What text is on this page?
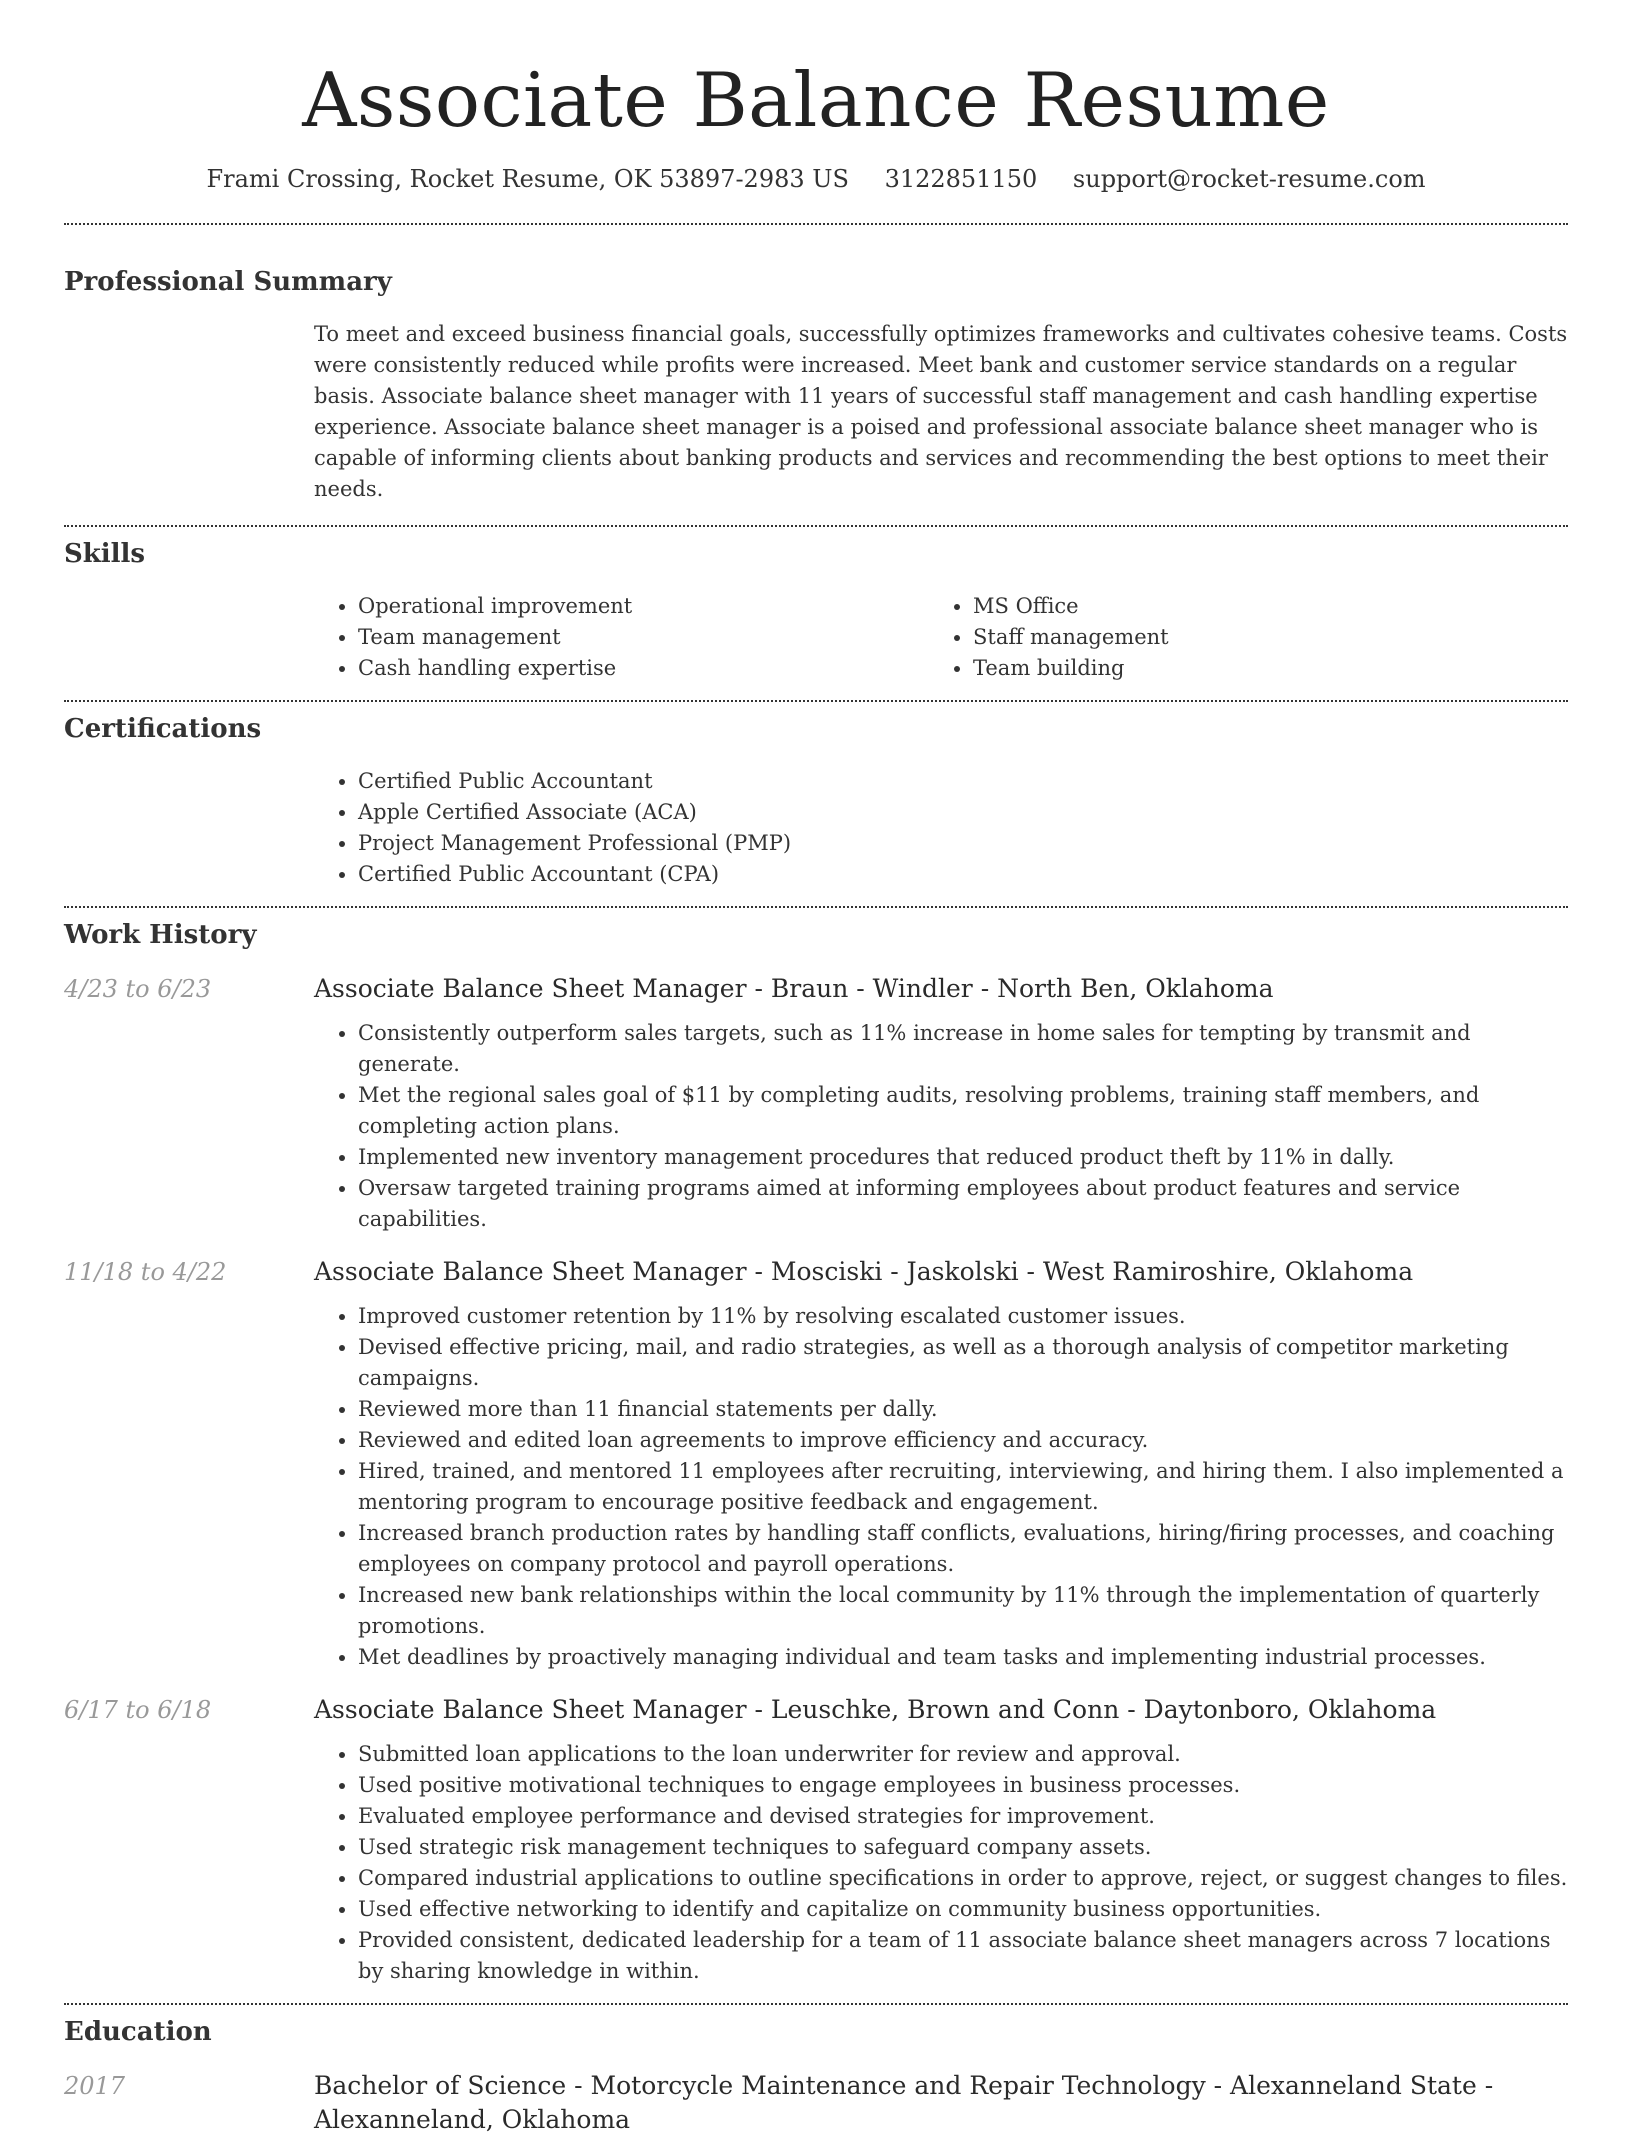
Associate Balance Resume
Frami Crossing, Rocket Resume, OK 53897-2983 US 3122851150 support@rocket-resume.com
Professional Summary
To meet and exceed business financial goals, successfully optimizes frameworks and cultivates cohesive teams. Costs were consistently reduced while profits were increased. Meet bank and customer service standards on a regular basis. Associate balance sheet manager with 11 years of successful staff management and cash handling expertise experience. Associate balance sheet manager is a poised and professional associate balance sheet manager who is capable of informing clients about banking products and services and recommending the best options to meet their needs.
Skills
• Operational improvement
• Team management
• Cash handling expertise
• MS Office
• Staff management
• Team building
Certifications
• Certified Public Accountant
• Apple Certified Associate (ACA)
• Project Management Professional (PMP)
• Certified Public Accountant (CPA)
Work History
4/23 to 6/23	Associate Balance Sheet Manager - Braun - Windler - North Ben, Oklahoma
• Consistently outperform sales targets, such as 11% increase in home sales for tempting by transmit and generate.
• Met the regional sales goal of $11 by completing audits, resolving problems, training staff members, and completing action plans.
• Implemented new inventory management procedures that reduced product theft by 11% in dally.
• Oversaw targeted training programs aimed at informing employees about product features and service capabilities.
11/18 to 4/22	Associate Balance Sheet Manager - Mosciski - Jaskolski - West Ramiroshire, Oklahoma
• Improved customer retention by 11% by resolving escalated customer issues.
• Devised effective pricing, mail, and radio strategies, as well as a thorough analysis of competitor marketing campaigns.
• Reviewed more than 11 financial statements per dally.
• Reviewed and edited loan agreements to improve efficiency and accuracy.
• Hired, trained, and mentored 11 employees after recruiting, interviewing, and hiring them. I also implemented a mentoring program to encourage positive feedback and engagement.
• Increased branch production rates by handling staff conflicts, evaluations, hiring/firing processes, and coaching employees on company protocol and payroll operations.
• Increased new bank relationships within the local community by 11% through the implementation of quarterly promotions.
• Met deadlines by proactively managing individual and team tasks and implementing industrial processes.
6/17 to 6/18	Associate Balance Sheet Manager - Leuschke, Brown and Conn - Daytonboro, Oklahoma
• Submitted loan applications to the loan underwriter for review and approval.
• Used positive motivational techniques to engage employees in business processes.
• Evaluated employee performance and devised strategies for improvement.
• Used strategic risk management techniques to safeguard company assets.
• Compared industrial applications to outline specifications in order to approve, reject, or suggest changes to files.
• Used effective networking to identify and capitalize on community business opportunities.
• Provided consistent, dedicated leadership for a team of 11 associate balance sheet managers across 7 locations by sharing knowledge in within.
Education
2017	Bachelor of Science - Motorcycle Maintenance and Repair Technology - Alexanneland State - Alexanneland, Oklahoma
